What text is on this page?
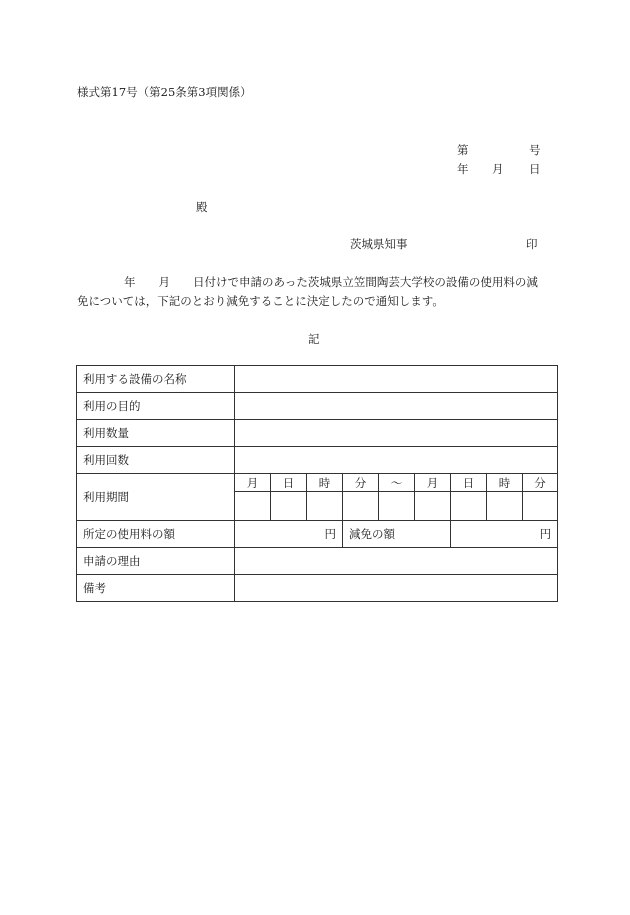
様式第17号（第25条第3項関係）
第	号
年 月 日
殿
茨城県知事	印
年 月 日付けで申請のあった茨城県立笠間陶芸大学校の設備の使用料の減
免については，下記のとおり減免することに決定したので通知します。
記
利用する設備の名称									
利用の目的									
利用数量									
利用回数									
利用期間	月	日	時	分	～	月	日	時	分

所定の使用料の額	円			減免の額			円		
申請の理由									
備考									
